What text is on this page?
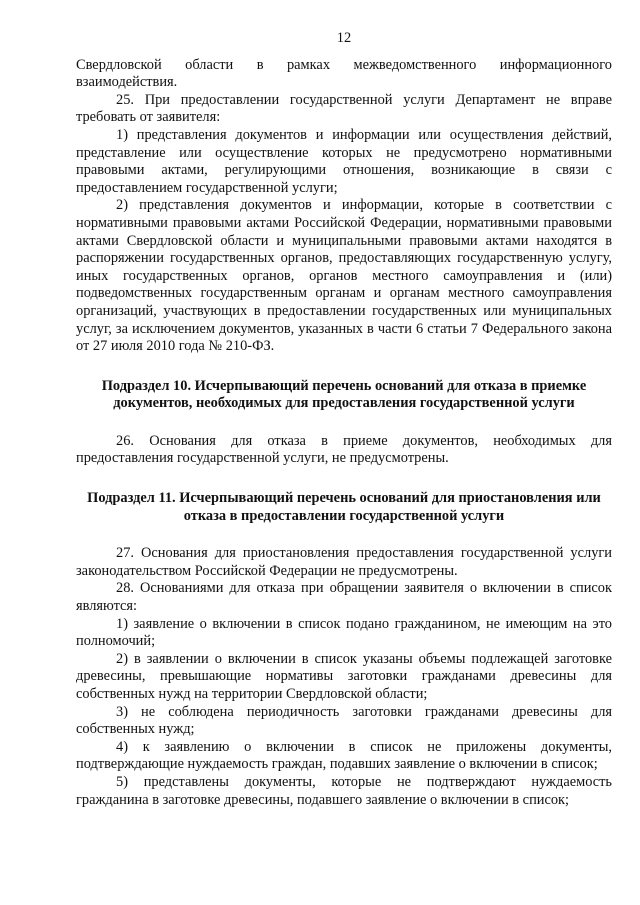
12

Свердловской области в рамках межведомственного информационного взаимодействия.

25. При предоставлении государственной услуги Департамент не вправе требовать от заявителя:

1) представления документов и информации или осуществления действий, представление или осуществление которых не предусмотрено нормативными правовыми актами, регулирующими отношения, возникающие в связи с предоставлением государственной услуги;

2) представления документов и информации, которые в соответствии с нормативными правовыми актами Российской Федерации, нормативными правовыми актами Свердловской области и муниципальными правовыми актами находятся в распоряжении государственных органов, предоставляющих государственную услугу, иных государственных органов, органов местного самоуправления и (или) подведомственных государственным органам и органам местного самоуправления организаций, участвующих в предоставлении государственных или муниципальных услуг, за исключением документов, указанных в части 6 статьи 7 Федерального закона от 27 июля 2010 года № 210-ФЗ.

Подраздел 10. Исчерпывающий перечень оснований для отказа в приемке документов, необходимых для предоставления государственной услуги

26. Основания для отказа в приеме документов, необходимых для предоставления государственной услуги, не предусмотрены.

Подраздел 11. Исчерпывающий перечень оснований для приостановления или отказа в предоставлении государственной услуги

27. Основания для приостановления предоставления государственной услуги законодательством Российской Федерации не предусмотрены.

28. Основаниями для отказа при обращении заявителя о включении в список являются:

1) заявление о включении в список подано гражданином, не имеющим на это полномочий;

2) в заявлении о включении в список указаны объемы подлежащей заготовке древесины, превышающие нормативы заготовки гражданами древесины для собственных нужд на территории Свердловской области;

3) не соблюдена периодичность заготовки гражданами древесины для собственных нужд;

4) к заявлению о включении в список не приложены документы, подтверждающие нуждаемость граждан, подавших заявление о включении в список;

5) представлены документы, которые не подтверждают нуждаемость гражданина в заготовке древесины, подавшего заявление о включении в список;
